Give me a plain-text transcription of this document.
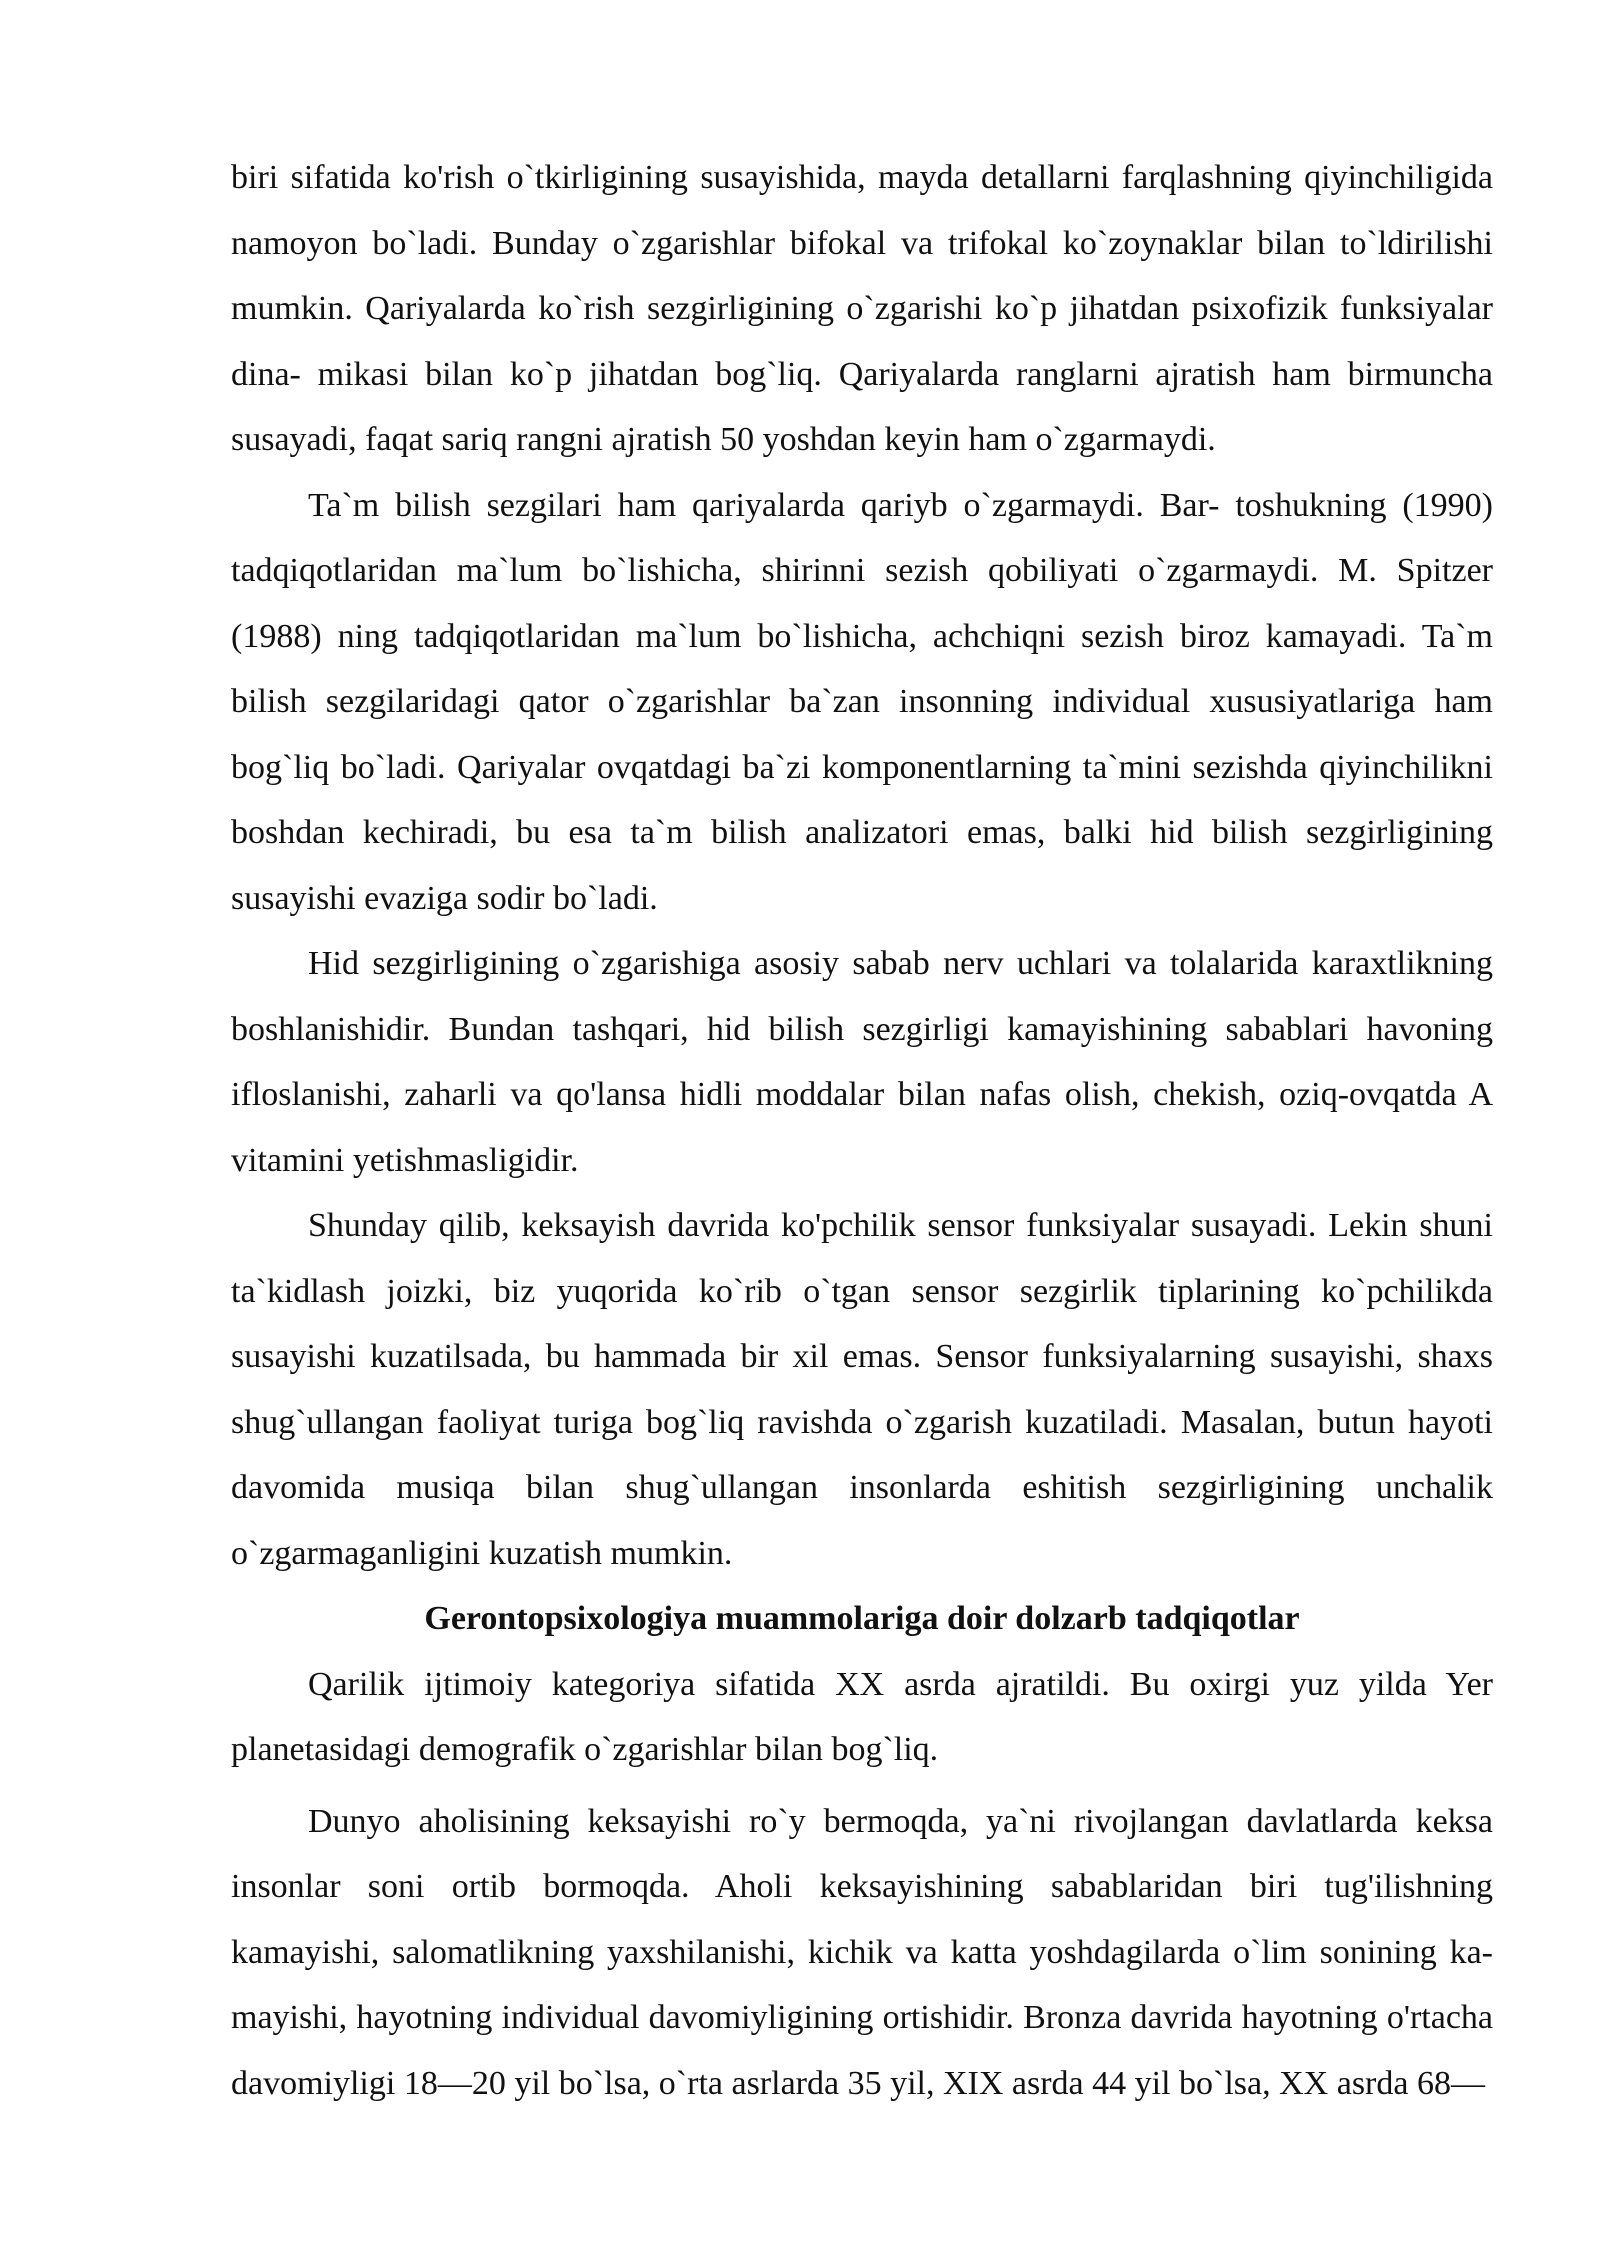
biri sifatida ko'rish o`tkirligining susayishida, mayda detallarni farqlashning qiyinchiligida namoyon bo`ladi. Bunday o`zgarishlar bifokal va trifokal ko`zoynaklar bilan to`ldirilishi mumkin. Qariyalarda ko`rish sezgirligining o`zgarishi ko`p jihatdan psixofizik funksiyalar dina- mikasi bilan ko`p jihatdan bog`liq. Qariyalarda ranglarni ajratish ham birmuncha susayadi, faqat sariq rangni ajratish 50 yoshdan keyin ham o`zgarmaydi.

Ta`m bilish sezgilari ham qariyalarda qariyb o`zgarmaydi. Bar- toshukning (1990) tadqiqotlaridan ma`lum bo`lishicha, shirinni sezish qobiliyati o`zgarmaydi. M. Spitzer (1988) ning tadqiqotlaridan ma`lum bo`lishicha, achchiqni sezish biroz kamayadi. Ta`m bilish sezgilaridagi qator o`zgarishlar ba`zan insonning individual xususiyatlariga ham bog`liq bo`ladi. Qariyalar ovqatdagi ba`zi komponentlarning ta`mini sezishda qiyinchilikni boshdan kechiradi, bu esa ta`m bilish analizatori emas, balki hid bilish sezgirligining susayishi evaziga sodir bo`ladi.

Hid sezgirligining o`zgarishiga asosiy sabab nerv uchlari va tolalarida karaxtlikning boshlanishidir. Bundan tashqari, hid bilish sezgirligi kamayishining sabablari havoning ifloslanishi, zaharli va qo'lansa hidli moddalar bilan nafas olish, chekish, oziq-ovqatda A vitamini yetishmasligidir.

Shunday qilib, keksayish davrida ko'pchilik sensor funksiyalar susayadi. Lekin shuni ta`kidlash joizki, biz yuqorida ko`rib o`tgan sensor sezgirlik tiplarining ko`pchilikda susayishi kuzatilsada, bu hammada bir xil emas. Sensor funksiyalarning susayishi, shaxs shug`ullangan faoliyat turiga bog`liq ravishda o`zgarish kuzatiladi. Masalan, butun hayoti davomida musiqa bilan shug`ullangan insonlarda eshitish sezgirligining unchalik o`zgarmaganligini kuzatish mumkin.

Gerontopsixologiya muammolariga doir dolzarb tadqiqotlar

Qarilik ijtimoiy kategoriya sifatida XX asrda ajratildi. Bu oxirgi yuz yilda Yer planetasidagi demografik o`zgarishlar bilan bog`liq.

Dunyo aholisining keksayishi ro`y bermoqda, ya`ni rivojlangan davlatlarda keksa insonlar soni ortib bormoqda. Aholi keksayishining sabablaridan biri tug'ilishning kamayishi, salomatlikning yaxshilanishi, kichik va katta yoshdagilarda o`lim sonining ka- mayishi, hayotning individual davomiyligining ortishidir. Bronza davrida hayotning o'rtacha davomiyligi 18—20 yil bo`lsa, o`rta asrlarda 35 yil, XIX asrda 44 yil bo`lsa, XX asrda 68—
